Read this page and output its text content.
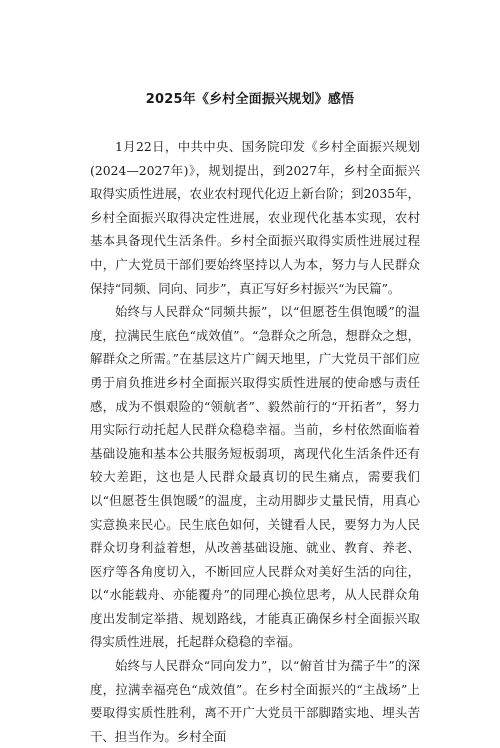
2025年《乡村全面振兴规划》感悟

1月22日，中共中央、国务院印发《乡村全面振兴规划(2024—2027年)》，规划提出，到2027年，乡村全面振兴取得实质性进展，农业农村现代化迈上新台阶；到2035年，乡村全面振兴取得决定性进展，农业现代化基本实现，农村基本具备现代生活条件。乡村全面振兴取得实质性进展过程中，广大党员干部们要始终坚持以人为本，努力与人民群众保持“同频、同向、同步”，真正写好乡村振兴“为民篇”。

始终与人民群众“同频共振”，以“但愿苍生俱饱暖”的温度，拉满民生底色“成效值”。“急群众之所急，想群众之想，解群众之所需。”在基层这片广阔天地里，广大党员干部们应勇于肩负推进乡村全面振兴取得实质性进展的使命感与责任感，成为不惧艰险的“领航者”、毅然前行的“开拓者”，努力用实际行动托起人民群众稳稳幸福。当前，乡村依然面临着基础设施和基本公共服务短板弱项，离现代化生活条件还有较大差距，这也是人民群众最真切的民生痛点，需要我们以“但愿苍生俱饱暖”的温度，主动用脚步丈量民情，用真心实意换来民心。民生底色如何，关键看人民，要努力为人民群众切身利益着想，从改善基础设施、就业、教育、养老、医疗等各角度切入，不断回应人民群众对美好生活的向往，以“水能载舟、亦能覆舟”的同理心换位思考，从人民群众角度出发制定举措、规划路线，才能真正确保乡村全面振兴取得实质性进展，托起群众稳稳的幸福。

始终与人民群众“同向发力”，以“俯首甘为孺子牛”的深度，拉满幸福亮色“成效值”。在乡村全面振兴的“主战场”上要取得实质性胜利，离不开广大党员干部脚踏实地、埋头苦干、担当作为。乡村全面
